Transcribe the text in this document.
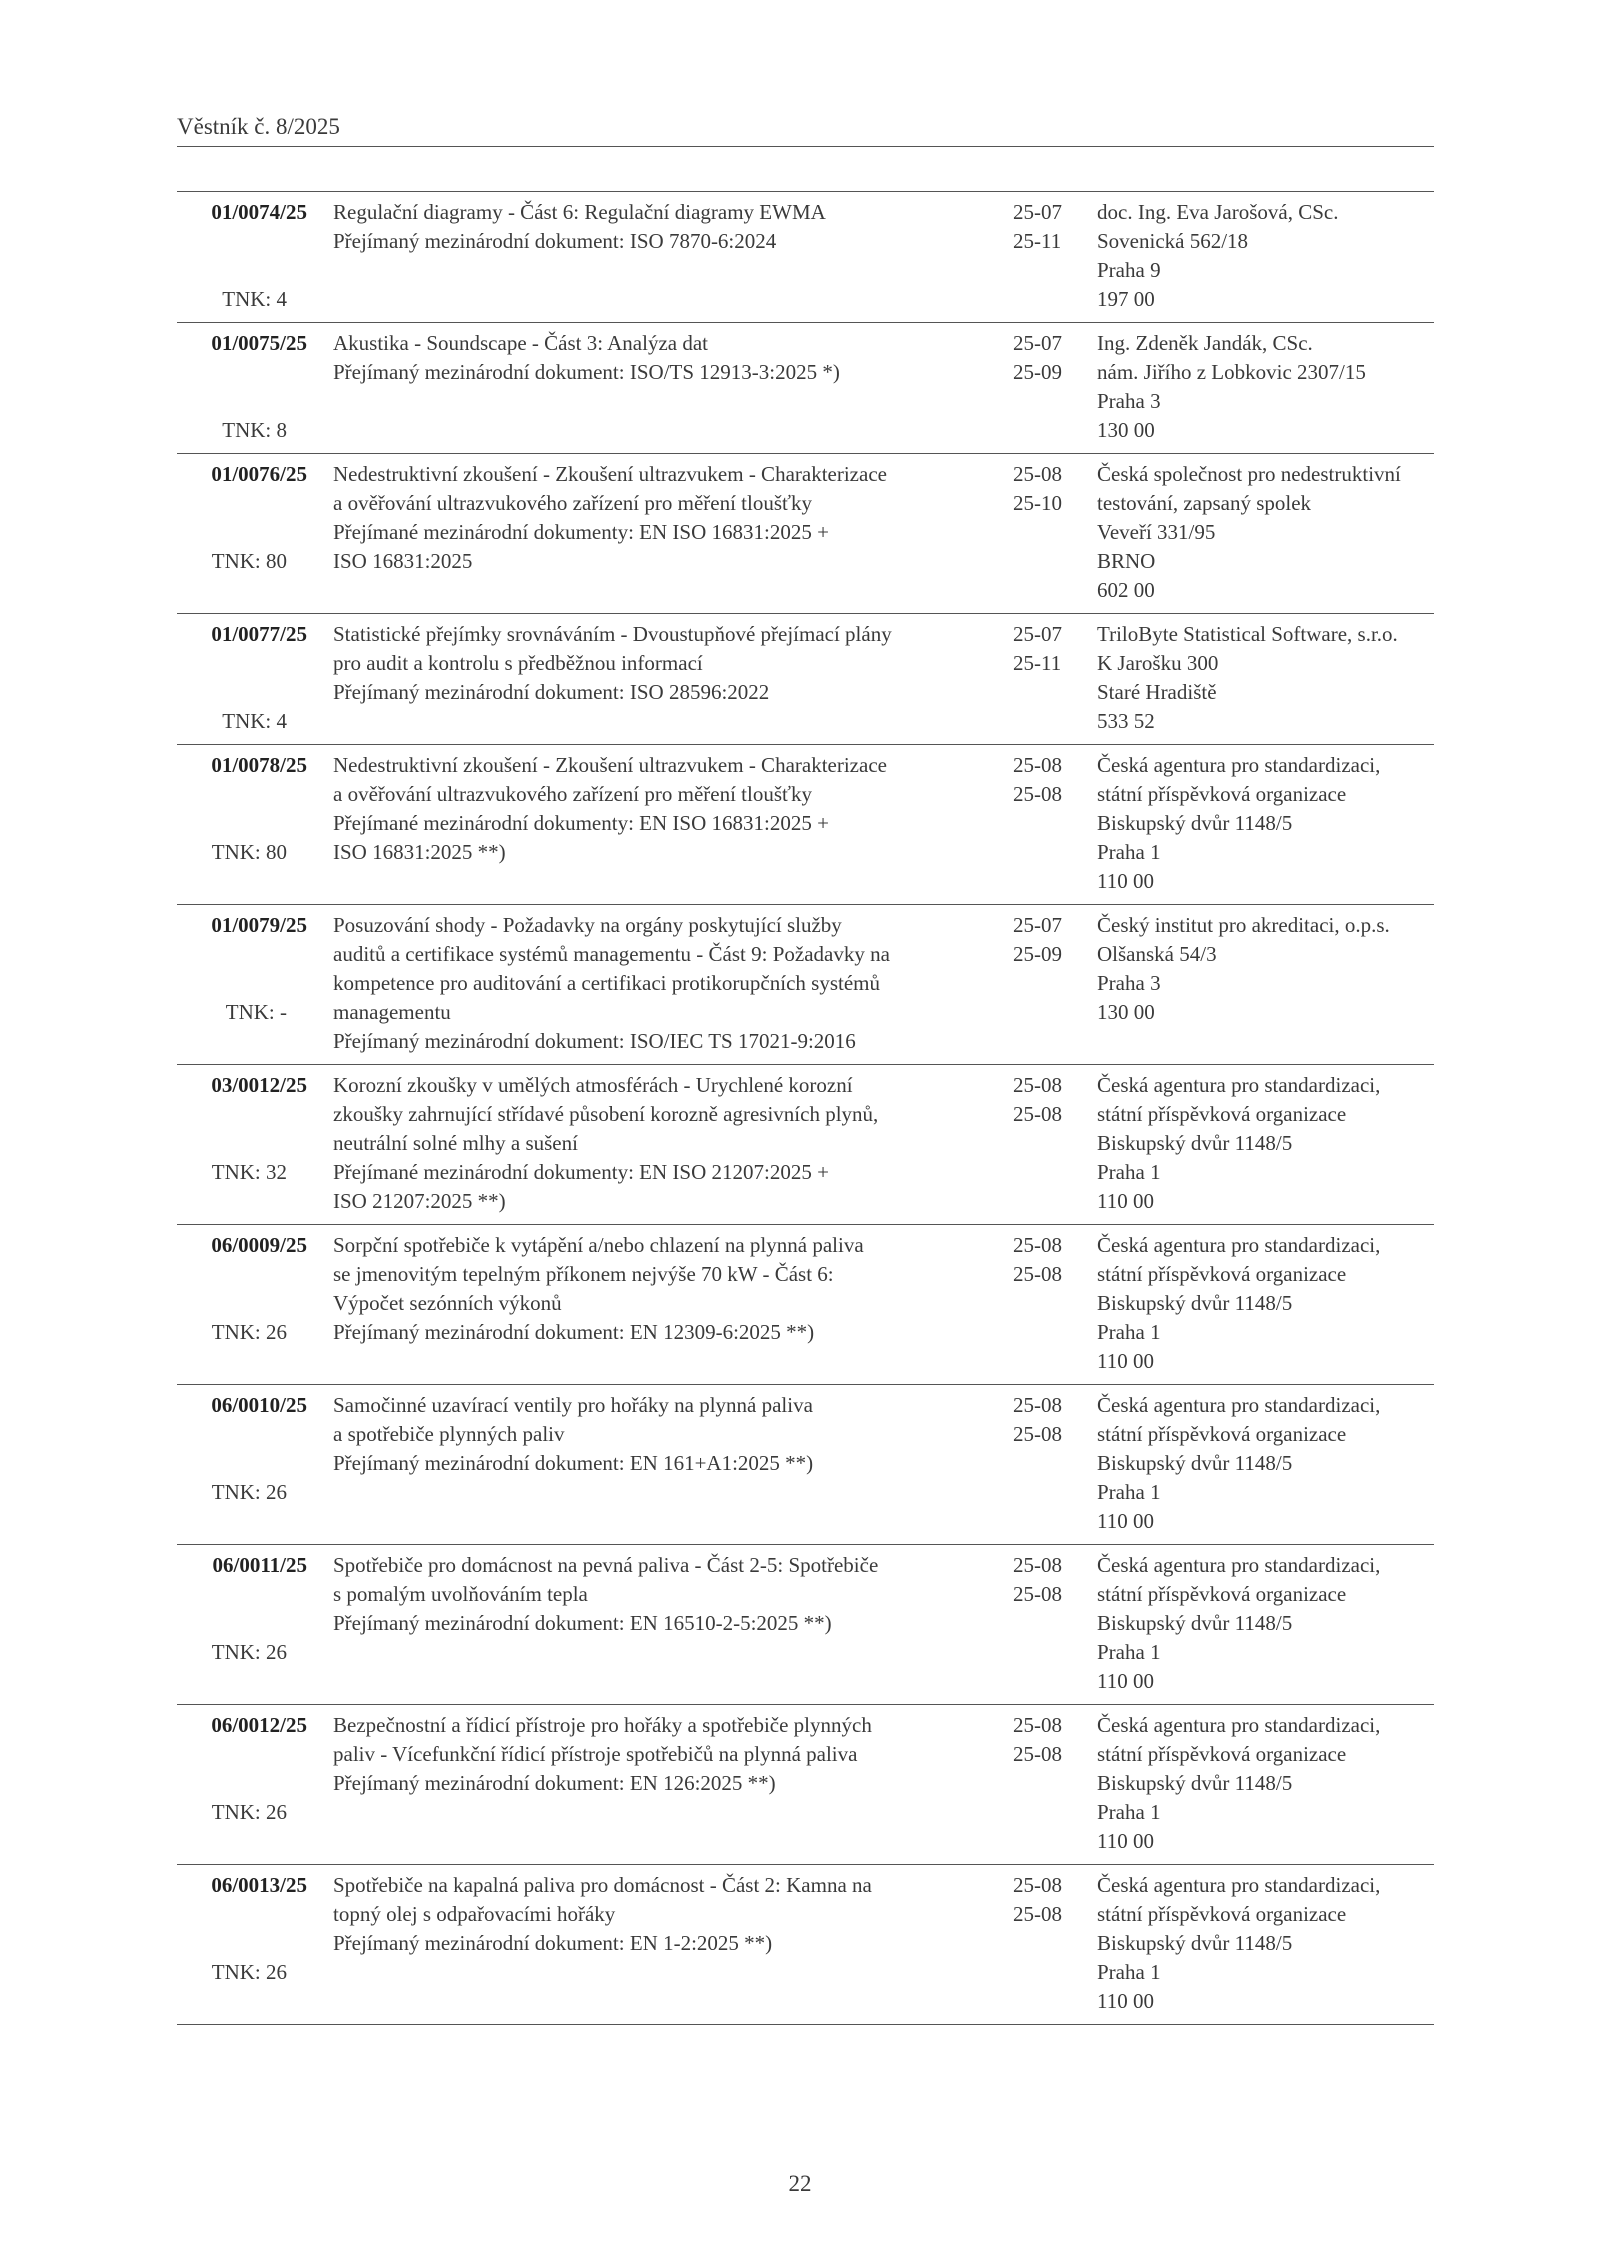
Věstník č. 8/2025
01/0074/25
TNK: 4
Regulační diagramy - Část 6: Regulační diagramy EWMA
Přejímaný mezinárodní dokument: ISO 7870-6:2024
25-07
25-11
doc. Ing. Eva Jarošová, CSc.
Sovenická 562/18
Praha 9
197 00
01/0075/25
TNK: 8
Akustika - Soundscape - Část 3: Analýza dat
Přejímaný mezinárodní dokument: ISO/TS 12913-3:2025 *)
25-07
25-09
Ing. Zdeněk Jandák, CSc.
nám. Jiřího z Lobkovic 2307/15
Praha 3
130 00
01/0076/25
TNK: 80
Nedestruktivní zkoušení - Zkoušení ultrazvukem - Charakterizace
a ověřování ultrazvukového zařízení pro měření tloušťky
Přejímané mezinárodní dokumenty: EN ISO 16831:2025 +
ISO 16831:2025
25-08
25-10
Česká společnost pro nedestruktivní
testování, zapsaný spolek
Veveří 331/95
BRNO
602 00
01/0077/25
TNK: 4
Statistické přejímky srovnáváním - Dvoustupňové přejímací plány
pro audit a kontrolu s předběžnou informací
Přejímaný mezinárodní dokument: ISO 28596:2022
25-07
25-11
TriloByte Statistical Software, s.r.o.
K Jarošku 300
Staré Hradiště
533 52
01/0078/25
TNK: 80
Nedestruktivní zkoušení - Zkoušení ultrazvukem - Charakterizace
a ověřování ultrazvukového zařízení pro měření tloušťky
Přejímané mezinárodní dokumenty: EN ISO 16831:2025 +
ISO 16831:2025 **)
25-08
25-08
Česká agentura pro standardizaci,
státní příspěvková organizace
Biskupský dvůr 1148/5
Praha 1
110 00
01/0079/25
TNK: -
Posuzování shody - Požadavky na orgány poskytující služby
auditů a certifikace systémů managementu - Část 9: Požadavky na
kompetence pro auditování a certifikaci protikorupčních systémů
managementu
Přejímaný mezinárodní dokument: ISO/IEC TS 17021-9:2016
25-07
25-09
Český institut pro akreditaci, o.p.s.
Olšanská 54/3
Praha 3
130 00
03/0012/25
TNK: 32
Korozní zkoušky v umělých atmosférách - Urychlené korozní
zkoušky zahrnující střídavé působení korozně agresivních plynů,
neutrální solné mlhy a sušení
Přejímané mezinárodní dokumenty: EN ISO 21207:2025 +
ISO 21207:2025 **)
25-08
25-08
Česká agentura pro standardizaci,
státní příspěvková organizace
Biskupský dvůr 1148/5
Praha 1
110 00
06/0009/25
TNK: 26
Sorpční spotřebiče k vytápění a/nebo chlazení na plynná paliva
se jmenovitým tepelným příkonem nejvýše 70 kW - Část 6:
Výpočet sezónních výkonů
Přejímaný mezinárodní dokument: EN 12309-6:2025 **)
25-08
25-08
Česká agentura pro standardizaci,
státní příspěvková organizace
Biskupský dvůr 1148/5
Praha 1
110 00
06/0010/25
TNK: 26
Samočinné uzavírací ventily pro hořáky na plynná paliva
a spotřebiče plynných paliv
Přejímaný mezinárodní dokument: EN 161+A1:2025 **)
25-08
25-08
Česká agentura pro standardizaci,
státní příspěvková organizace
Biskupský dvůr 1148/5
Praha 1
110 00
06/0011/25
TNK: 26
Spotřebiče pro domácnost na pevná paliva - Část 2-5: Spotřebiče
s pomalým uvolňováním tepla
Přejímaný mezinárodní dokument: EN 16510-2-5:2025 **)
25-08
25-08
Česká agentura pro standardizaci,
státní příspěvková organizace
Biskupský dvůr 1148/5
Praha 1
110 00
06/0012/25
TNK: 26
Bezpečnostní a řídicí přístroje pro hořáky a spotřebiče plynných
paliv - Vícefunkční řídicí přístroje spotřebičů na plynná paliva
Přejímaný mezinárodní dokument: EN 126:2025 **)
25-08
25-08
Česká agentura pro standardizaci,
státní příspěvková organizace
Biskupský dvůr 1148/5
Praha 1
110 00
06/0013/25
TNK: 26
Spotřebiče na kapalná paliva pro domácnost - Část 2: Kamna na
topný olej s odpařovacími hořáky
Přejímaný mezinárodní dokument: EN 1-2:2025 **)
25-08
25-08
Česká agentura pro standardizaci,
státní příspěvková organizace
Biskupský dvůr 1148/5
Praha 1
110 00
22
